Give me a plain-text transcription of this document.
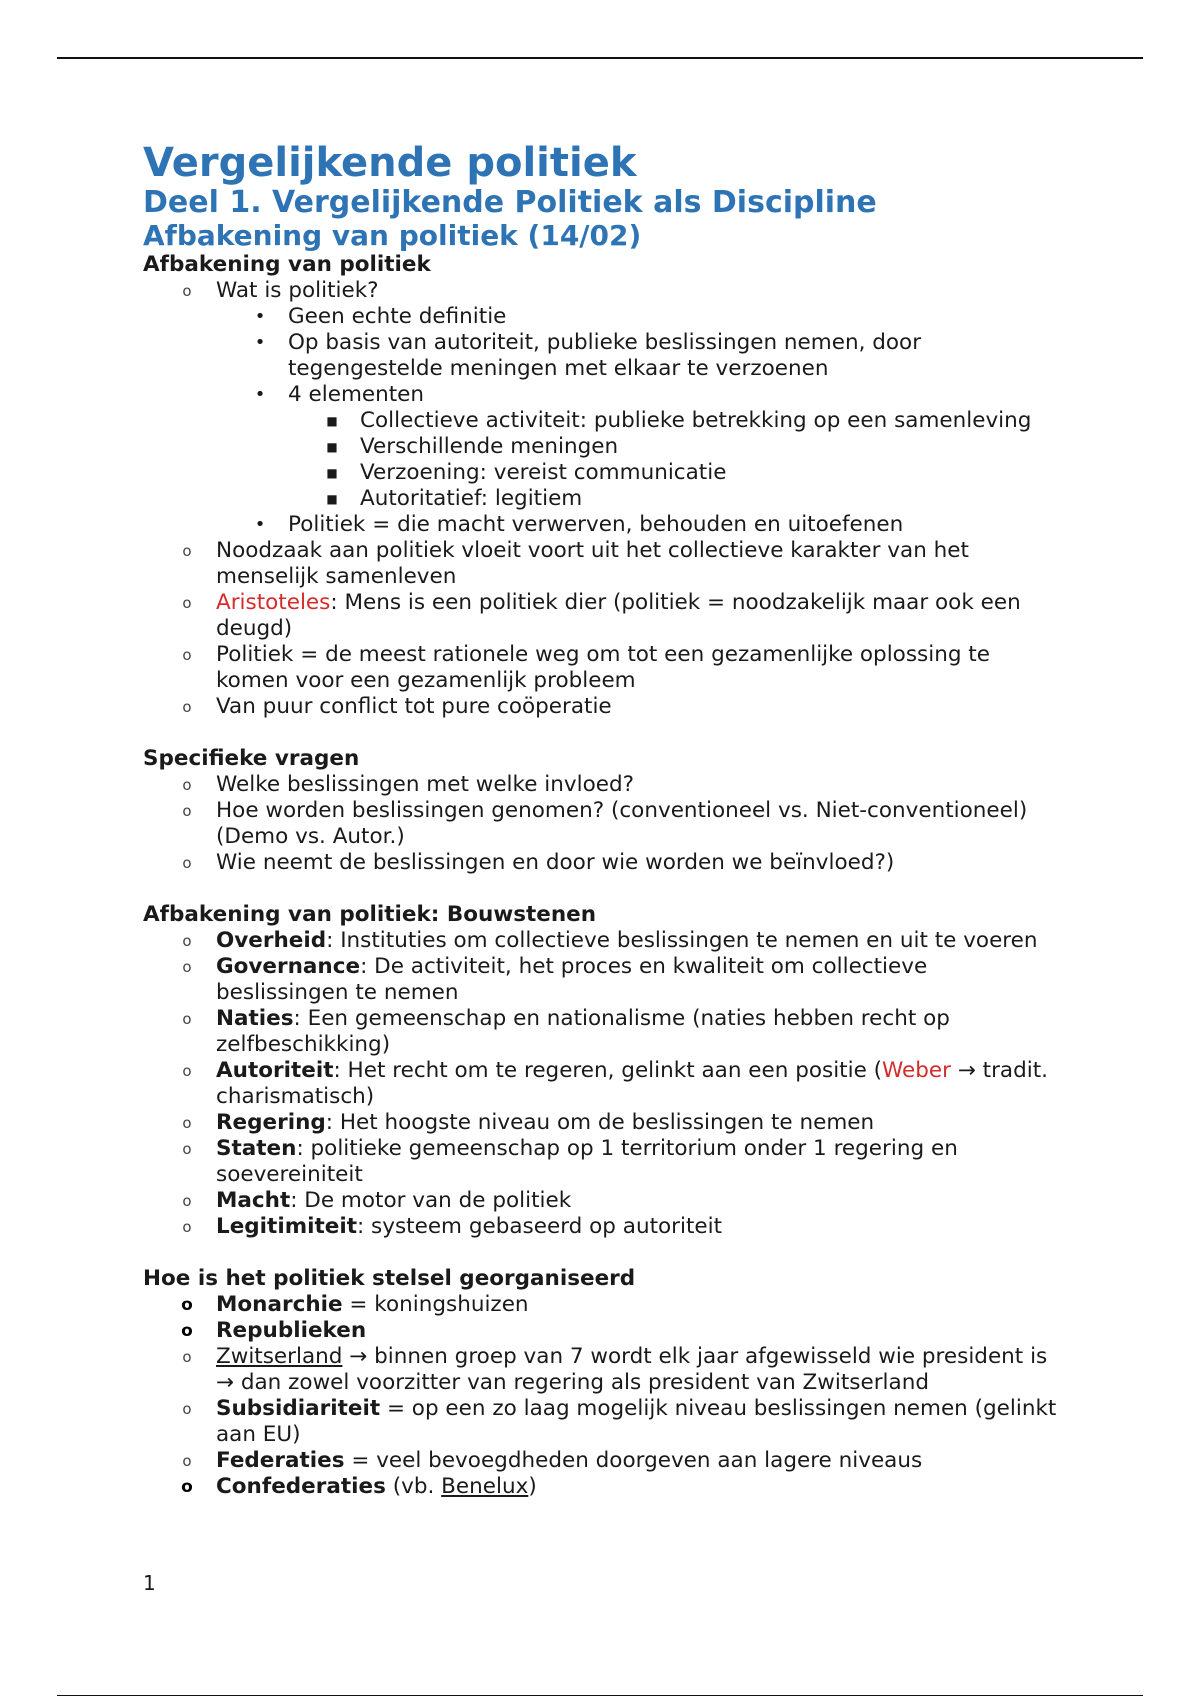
Vergelijkende politiek
Deel 1. Vergelijkende Politiek als Discipline
Afbakening van politiek (14/02)
Afbakening van politiek
o Wat is politiek?
• Geen echte definitie
• Op basis van autoriteit, publieke beslissingen nemen, door tegengestelde meningen met elkaar te verzoenen
• 4 elementen
■ Collectieve activiteit: publieke betrekking op een samenleving
■ Verschillende meningen
■ Verzoening: vereist communicatie
■ Autoritatief: legitiem
• Politiek = die macht verwerven, behouden en uitoefenen
o Noodzaak aan politiek vloeit voort uit het collectieve karakter van het menselijk samenleven
o Aristoteles: Mens is een politiek dier (politiek = noodzakelijk maar ook een deugd)
o Politiek = de meest rationele weg om tot een gezamenlijke oplossing te komen voor een gezamenlijk probleem
o Van puur conflict tot pure coöperatie
Specifieke vragen
o Welke beslissingen met welke invloed?
o Hoe worden beslissingen genomen? (conventioneel vs. Niet-conventioneel) (Demo vs. Autor.)
o Wie neemt de beslissingen en door wie worden we beïnvloed?)
Afbakening van politiek: Bouwstenen
o Overheid: Instituties om collectieve beslissingen te nemen en uit te voeren
o Governance: De activiteit, het proces en kwaliteit om collectieve beslissingen te nemen
o Naties: Een gemeenschap en nationalisme (naties hebben recht op zelfbeschikking)
o Autoriteit: Het recht om te regeren, gelinkt aan een positie (Weber → tradit. charismatisch)
o Regering: Het hoogste niveau om de beslissingen te nemen
o Staten: politieke gemeenschap op 1 territorium onder 1 regering en soevereiniteit
o Macht: De motor van de politiek
o Legitimiteit: systeem gebaseerd op autoriteit
Hoe is het politiek stelsel georganiseerd
o Monarchie = koningshuizen
o Republieken
o Zwitserland → binnen groep van 7 wordt elk jaar afgewisseld wie president is → dan zowel voorzitter van regering als president van Zwitserland
o Subsidiariteit = op een zo laag mogelijk niveau beslissingen nemen (gelinkt aan EU)
o Federaties = veel bevoegdheden doorgeven aan lagere niveaus
o Confederaties (vb. Benelux)
1
